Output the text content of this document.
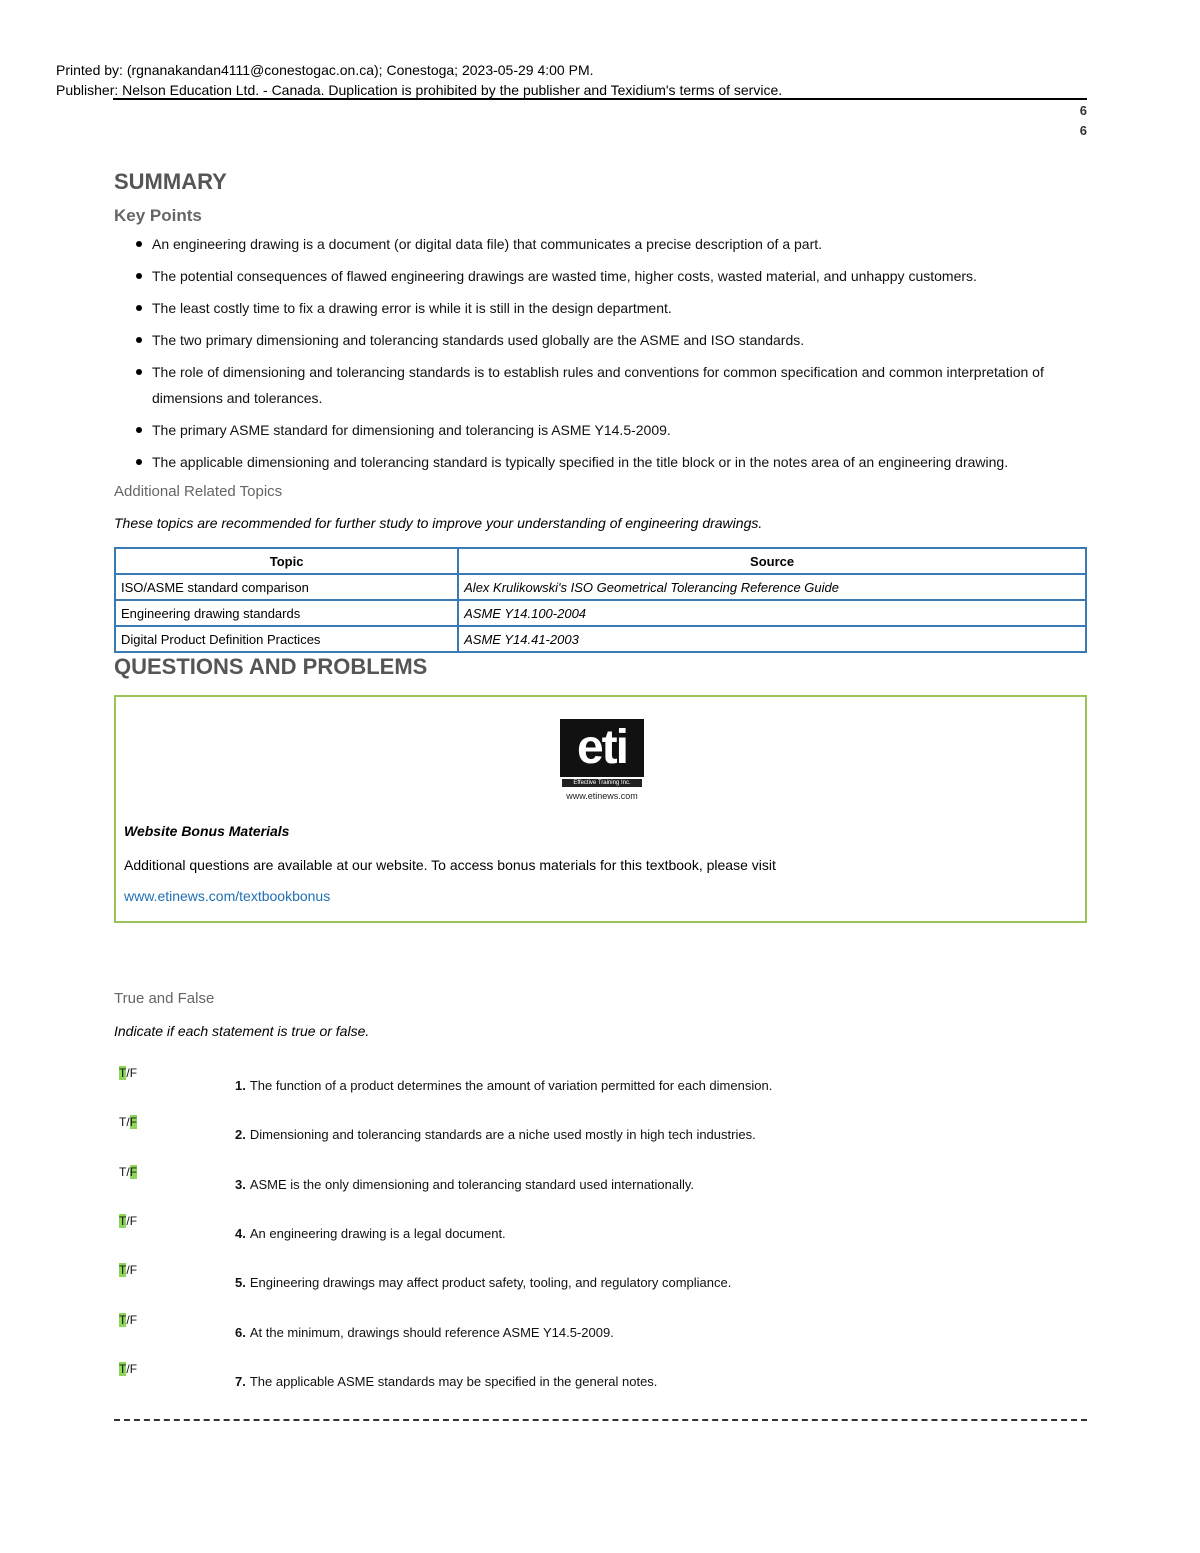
Printed by: (rgnanakandan4111@conestogac.on.ca); Conestoga; 2023-05-29 4:00 PM.
Publisher: Nelson Education Ltd. - Canada. Duplication is prohibited by the publisher and Texidium's terms of service.
6
6
SUMMARY
Key Points
An engineering drawing is a document (or digital data file) that communicates a precise description of a part.
The potential consequences of flawed engineering drawings are wasted time, higher costs, wasted material, and unhappy customers.
The least costly time to fix a drawing error is while it is still in the design department.
The two primary dimensioning and tolerancing standards used globally are the ASME and ISO standards.
The role of dimensioning and tolerancing standards is to establish rules and conventions for common specification and common interpretation of dimensions and tolerances.
The primary ASME standard for dimensioning and tolerancing is ASME Y14.5-2009.
The applicable dimensioning and tolerancing standard is typically specified in the title block or in the notes area of an engineering drawing.
Additional Related Topics

These topics are recommended for further study to improve your understanding of engineering drawings.

Topic	Source
ISO/ASME standard comparison	Alex Krulikowski's ISO Geometrical Tolerancing Reference Guide
Engineering drawing standards	ASME Y14.100-2004
Digital Product Definition Practices	ASME Y14.41-2003
QUESTIONS AND PROBLEMS
eti
Effective Training Inc.
www.etinews.com
Website Bonus Materials
Additional questions are available at our website. To access bonus materials for this textbook, please visit
www.etinews.com/textbookbonus
True and False
Indicate if each statement is true or false.
T/F
1. The function of a product determines the amount of variation permitted for each dimension.
T/F
2. Dimensioning and tolerancing standards are a niche used mostly in high tech industries.
T/F
3. ASME is the only dimensioning and tolerancing standard used internationally.
T/F
4. An engineering drawing is a legal document.
T/F
5. Engineering drawings may affect product safety, tooling, and regulatory compliance.
T/F
6. At the minimum, drawings should reference ASME Y14.5-2009.
T/F
7. The applicable ASME standards may be specified in the general notes.
